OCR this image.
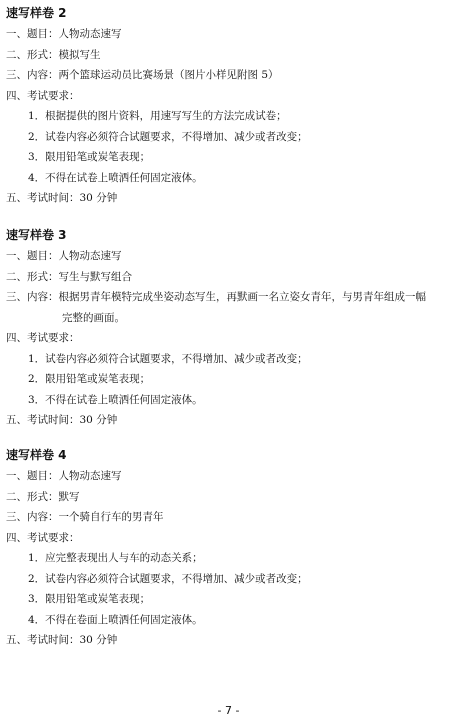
速写样卷 2
一、题目：人物动态速写
二、形式：模拟写生
三、内容：两个篮球运动员比赛场景（图片小样见附图 5）
四、考试要求：
1．根据提供的图片资料，用速写写生的方法完成试卷；
2．试卷内容必须符合试题要求，不得增加、减少或者改变；
3．限用铅笔或炭笔表现；
4．不得在试卷上喷洒任何固定液体。
五、考试时间：30 分钟
速写样卷 3
一、题目：人物动态速写
二、形式：写生与默写组合
三、内容：根据男青年模特完成坐姿动态写生，再默画一名立姿女青年，与男青年组成一幅
完整的画面。
四、考试要求：
1．试卷内容必须符合试题要求，不得增加、减少或者改变；
2．限用铅笔或炭笔表现；
3．不得在试卷上喷洒任何固定液体。
五、考试时间：30 分钟
速写样卷 4
一、题目：人物动态速写
二、形式：默写
三、内容：一个骑自行车的男青年
四、考试要求：
1．应完整表现出人与车的动态关系；
2．试卷内容必须符合试题要求，不得增加、减少或者改变；
3．限用铅笔或炭笔表现；
4．不得在卷面上喷洒任何固定液体。
五、考试时间：30 分钟
- 7 -
